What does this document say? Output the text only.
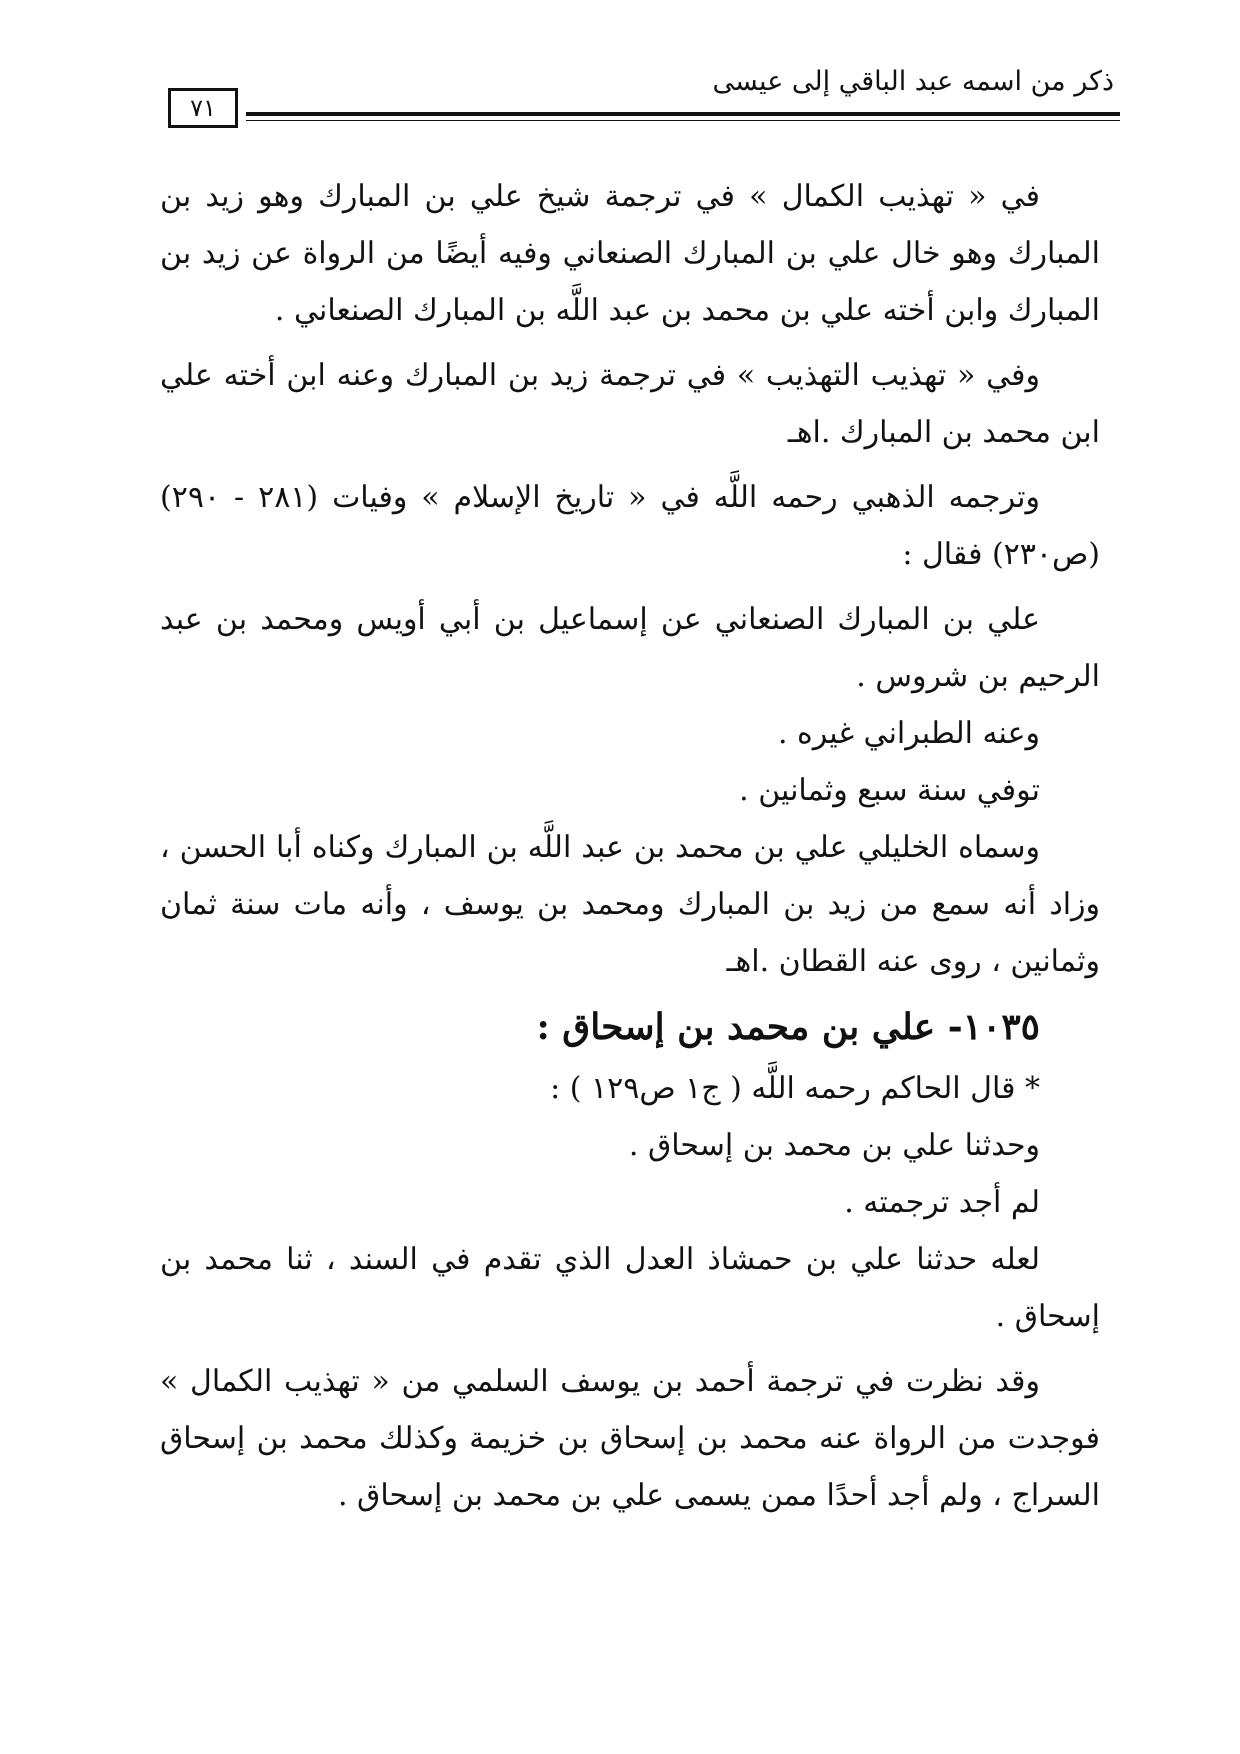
ذكر من اسمه عبد الباقي إلى عيسى
٧١

في « تهذيب الكمال » في ترجمة شيخ علي بن المبارك وهو زيد بن المبارك وهو خال علي بن المبارك الصنعاني وفيه أيضًا من الرواة عن زيد بن المبارك وابن أخته علي بن محمد بن عبد اللَّه بن المبارك الصنعاني .

وفي « تهذيب التهذيب » في ترجمة زيد بن المبارك وعنه ابن أخته علي ابن محمد بن المبارك .اهـ

وترجمه الذهبي رحمه اللَّه في « تاريخ الإسلام » وفيات (٢٨١ - ٢٩٠) (ص٢٣٠) فقال :

علي بن المبارك الصنعاني عن إسماعيل بن أبي أويس ومحمد بن عبد الرحيم بن شروس .

وعنه الطبراني غيره .

توفي سنة سبع وثمانين .

وسماه الخليلي علي بن محمد بن عبد اللَّه بن المبارك وكناه أبا الحسن ، وزاد أنه سمع من زيد بن المبارك ومحمد بن يوسف ، وأنه مات سنة ثمان وثمانين ، روى عنه القطان .اهـ

١٠٣٥- علي بن محمد بن إسحاق :

* قال الحاكم رحمه اللَّه ( ج١ ص١٢٩ ) :

وحدثنا علي بن محمد بن إسحاق .

لم أجد ترجمته .

لعله حدثنا علي بن حمشاذ العدل الذي تقدم في السند ، ثنا محمد بن إسحاق .

وقد نظرت في ترجمة أحمد بن يوسف السلمي من « تهذيب الكمال » فوجدت من الرواة عنه محمد بن إسحاق بن خزيمة وكذلك محمد بن إسحاق السراج ، ولم أجد أحدًا ممن يسمى علي بن محمد بن إسحاق .
